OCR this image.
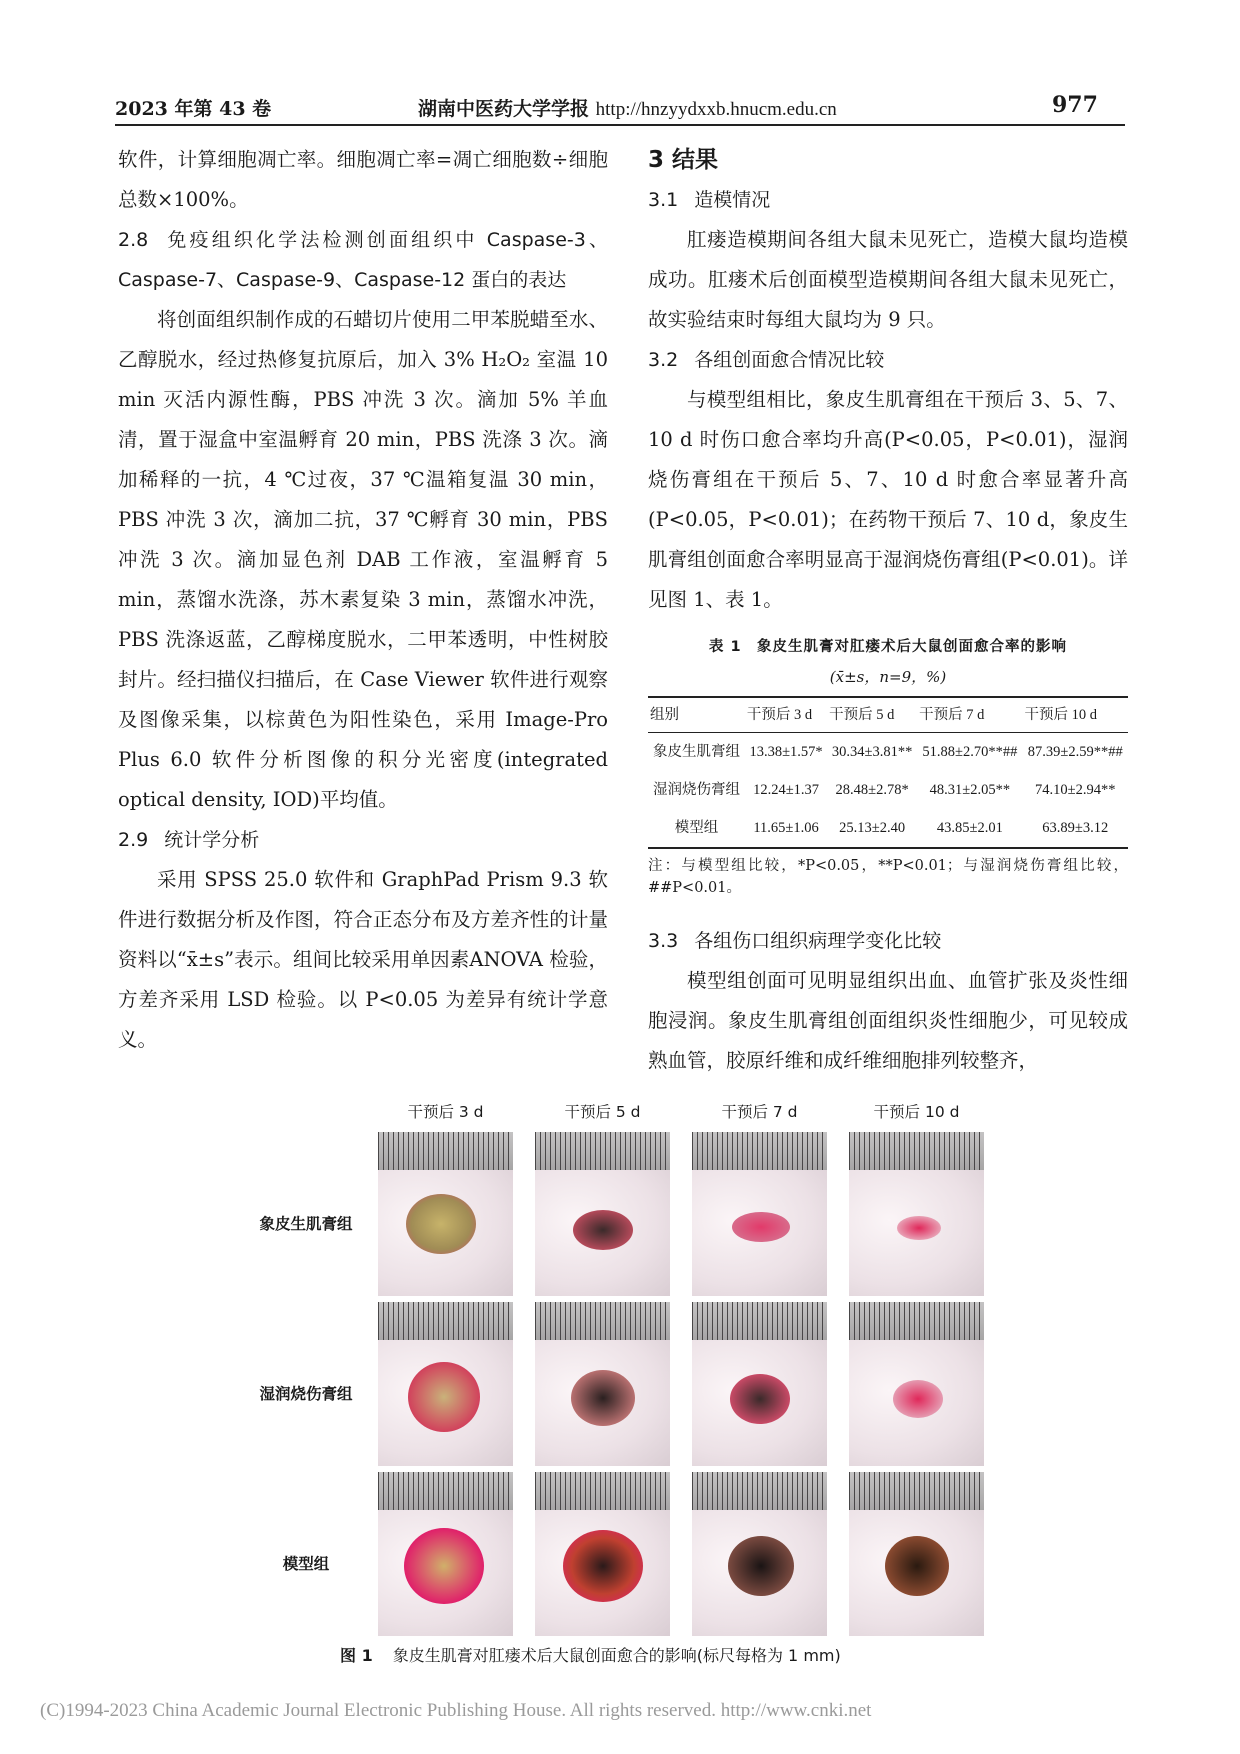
2023 年第 43 卷	湖南中医药大学学报 http://hnzyydxxb.hnucm.edu.cn	977

软件，计算细胞凋亡率。细胞凋亡率=凋亡细胞数÷细胞总数×100%。

2.8 免疫组织化学法检测创面组织中 Caspase-3、Caspase-7、Caspase-9、Caspase-12 蛋白的表达

将创面组织制作成的石蜡切片使用二甲苯脱蜡至水、乙醇脱水，经过热修复抗原后，加入 3% H₂O₂ 室温 10 min 灭活内源性酶，PBS 冲洗 3 次。滴加 5% 羊血清，置于湿盒中室温孵育 20 min，PBS 洗涤 3 次。滴加稀释的一抗，4 ℃过夜，37 ℃温箱复温 30 min，PBS 冲洗 3 次，滴加二抗，37 ℃孵育 30 min，PBS 冲洗 3 次。滴加显色剂 DAB 工作液，室温孵育 5 min，蒸馏水洗涤，苏木素复染 3 min，蒸馏水冲洗，PBS 洗涤返蓝，乙醇梯度脱水，二甲苯透明，中性树胶封片。经扫描仪扫描后，在 Case Viewer 软件进行观察及图像采集，以棕黄色为阳性染色，采用 Image-Pro Plus 6.0 软件分析图像的积分光密度(integrated optical density, IOD)平均值。

2.9 统计学分析

采用 SPSS 25.0 软件和 GraphPad Prism 9.3 软件进行数据分析及作图，符合正态分布及方差齐性的计量资料以“x̄±s”表示。组间比较采用单因素ANOVA 检验，方差齐采用 LSD 检验。以 P<0.05 为差异有统计学意义。

3 结果

3.1 造模情况

肛瘘造模期间各组大鼠未见死亡，造模大鼠均造模成功。肛瘘术后创面模型造模期间各组大鼠未见死亡，故实验结束时每组大鼠均为 9 只。

3.2 各组创面愈合情况比较

与模型组相比，象皮生肌膏组在干预后 3、5、7、10 d 时伤口愈合率均升高(P<0.05，P<0.01)，湿润烧伤膏组在干预后 5、7、10 d 时愈合率显著升高(P<0.05，P<0.01)；在药物干预后 7、10 d，象皮生肌膏组创面愈合率明显高于湿润烧伤膏组(P<0.01)。详见图 1、表 1。

表 1　象皮生肌膏对肛瘘术后大鼠创面愈合率的影响
(x̄±s，n=9，%)
组别	干预后 3 d	干预后 5 d	干预后 7 d	干预后 10 d
象皮生肌膏组	13.38±1.57*	30.34±3.81**	51.88±2.70**##	87.39±2.59**##
湿润烧伤膏组	12.24±1.37	28.48±2.78*	48.31±2.05**	74.10±2.94**
模型组	11.65±1.06	25.13±2.40	43.85±2.01	63.89±3.12
注：与模型组比较，*P<0.05，**P<0.01；与湿润烧伤膏组比较，##P<0.01。

3.3 各组伤口组织病理学变化比较

模型组创面可见明显组织出血、血管扩张及炎性细胞浸润。象皮生肌膏组创面组织炎性细胞少，可见较成熟血管，胶原纤维和成纤维细胞排列较整齐，

干预后 3 d	干预后 5 d	干预后 7 d	干预后 10 d
象皮生肌膏组
湿润烧伤膏组
模型组
图 1 象皮生肌膏对肛瘘术后大鼠创面愈合的影响(标尺每格为 1 mm)
(C)1994-2023 China Academic Journal Electronic Publishing House. All rights reserved. http://www.cnki.net
